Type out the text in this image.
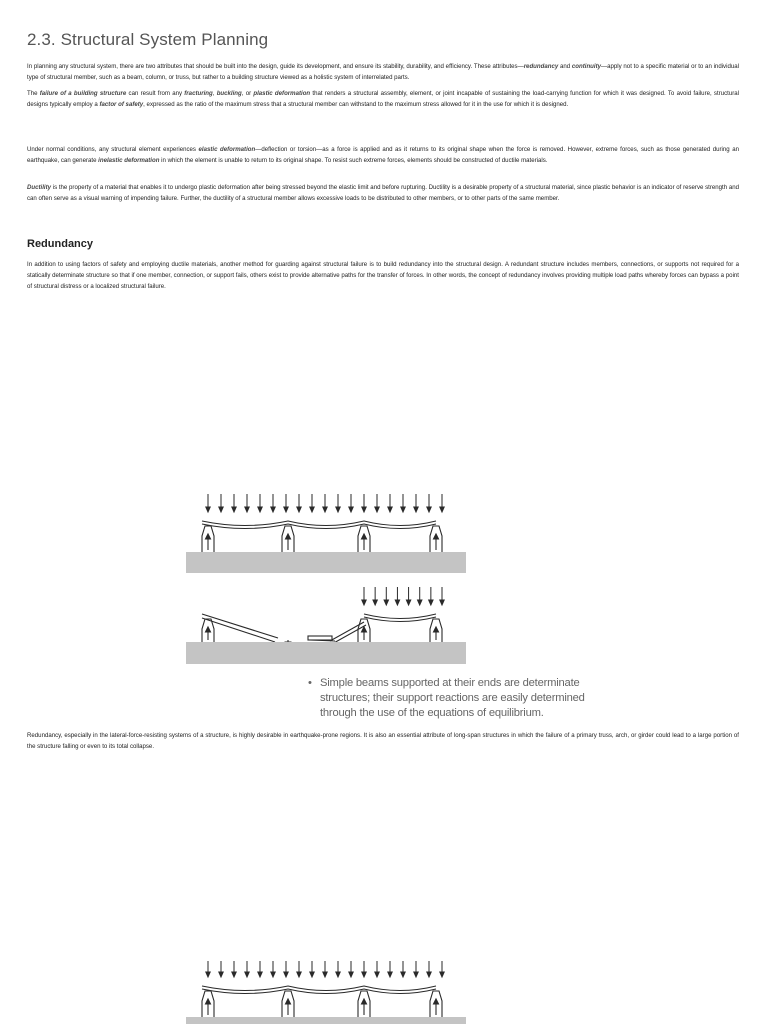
2.3. Structural System Planning

In planning any structural system, there are two attributes that should be built into the design, guide its development, and ensure its stability, durability, and efficiency. These attributes—redundancy and continuity—apply not to a specific material or to an individual type of structural member, such as a beam, column, or truss, but rather to a building structure viewed as a holistic system of interrelated parts.

The failure of a building structure can result from any fracturing, buckling, or plastic deformation that renders a structural assembly, element, or joint incapable of sustaining the load-carrying function for which it was designed. To avoid failure, structural designs typically employ a factor of safety, expressed as the ratio of the maximum stress that a structural member can withstand to the maximum stress allowed for it in the use for which it is designed.

Under normal conditions, any structural element experiences elastic deformation—deflection or torsion—as a force is applied and as it returns to its original shape when the force is removed. However, extreme forces, such as those generated during an earthquake, can generate inelastic deformation in which the element is unable to return to its original shape. To resist such extreme forces, elements should be constructed of ductile materials.

Ductility is the property of a material that enables it to undergo plastic deformation after being stressed beyond the elastic limit and before rupturing. Ductility is a desirable property of a structural material, since plastic behavior is an indicator of reserve strength and can often serve as a visual warning of impending failure. Further, the ductility of a structural member allows excessive loads to be distributed to other members, or to other parts of the same member.

Redundancy

In addition to using factors of safety and employing ductile materials, another method for guarding against structural failure is to build redundancy into the structural design. A redundant structure includes members, connections, or supports not required for a statically determinate structure so that if one member, connection, or support fails, others exist to provide alternative paths for the transfer of forces. In other words, the concept of redundancy involves providing multiple load paths whereby forces can bypass a point of structural distress or a localized structural failure.

• Simple beams supported at their ends are determinate structures; their support reactions are easily determined through the use of the equations of equilibrium.

Redundancy, especially in the lateral-force-resisting systems of a structure, is highly desirable in earthquake-prone regions. It is also an essential attribute of long-span structures in which the failure of a primary truss, arch, or girder could lead to a large portion of the structure falling or even to its total collapse.
